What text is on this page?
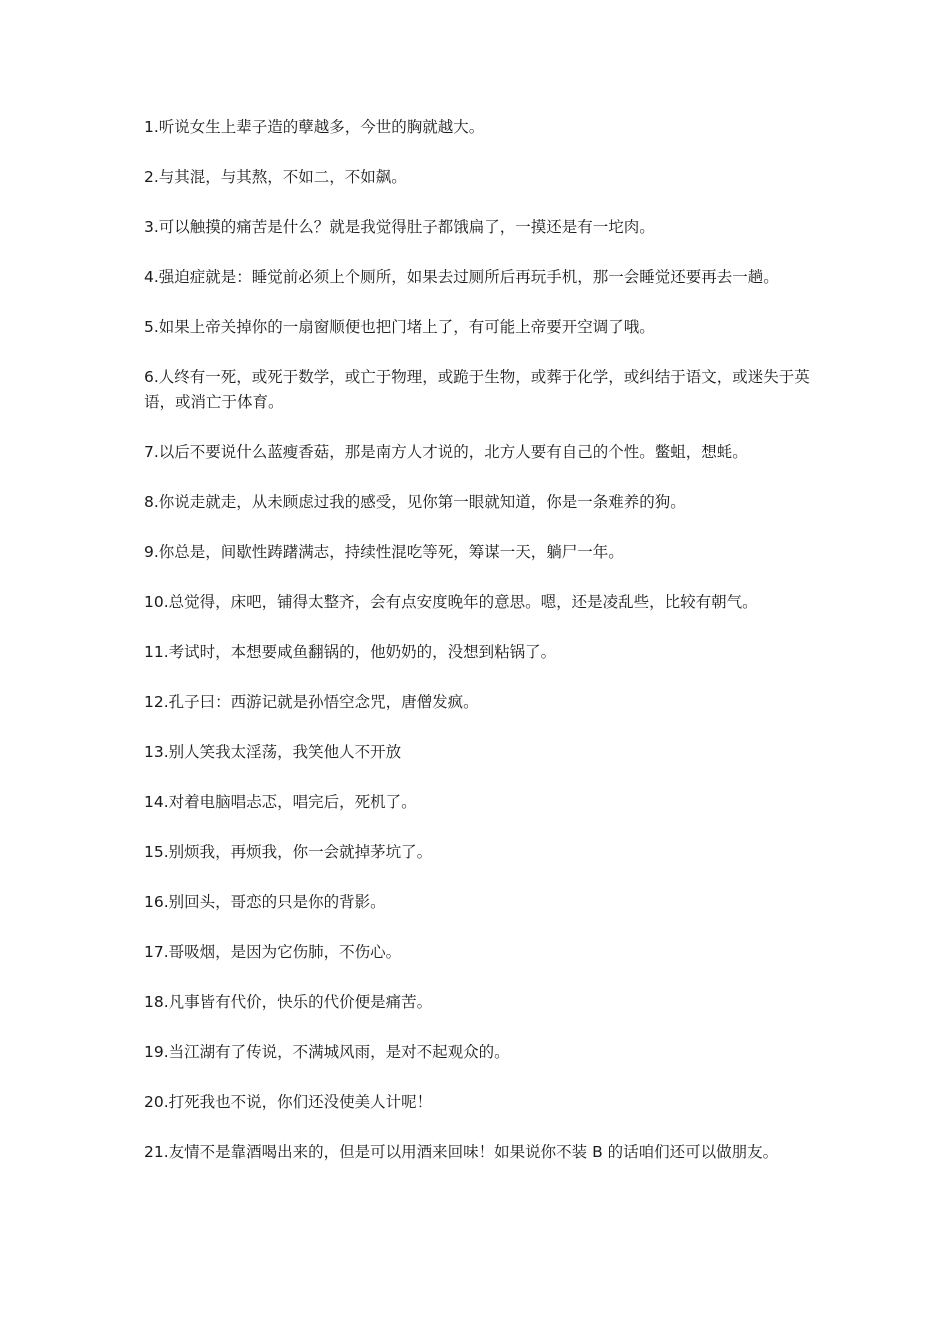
1.听说女生上辈子造的孽越多，今世的胸就越大。

2.与其混，与其熬，不如二，不如飙。

3.可以触摸的痛苦是什么？就是我觉得肚子都饿扁了，一摸还是有一坨肉。

4.强迫症就是：睡觉前必须上个厕所，如果去过厕所后再玩手机，那一会睡觉还要再去一趟。

5.如果上帝关掉你的一扇窗顺便也把门堵上了，有可能上帝要开空调了哦。

6.人终有一死，或死于数学，或亡于物理，或跪于生物，或葬于化学，或纠结于语文，或迷失于英语，或消亡于体育。

7.以后不要说什么蓝瘦香菇，那是南方人才说的，北方人要有自己的个性。鳖蛆，想蚝。

8.你说走就走，从未顾虑过我的感受，见你第一眼就知道，你是一条难养的狗。

9.你总是，间歇性踌躇满志，持续性混吃等死，筹谋一天，躺尸一年。

10.总觉得，床吧，铺得太整齐，会有点安度晚年的意思。嗯，还是凌乱些，比较有朝气。

11.考试时，本想要咸鱼翻锅的，他奶奶的，没想到粘锅了。

12.孔子曰：西游记就是孙悟空念咒，唐僧发疯。

13.别人笑我太淫荡，我笑他人不开放

14.对着电脑唱忐忑，唱完后，死机了。

15.别烦我，再烦我，你一会就掉茅坑了。

16.别回头，哥恋的只是你的背影。

17.哥吸烟，是因为它伤肺，不伤心。

18.凡事皆有代价，快乐的代价便是痛苦。

19.当江湖有了传说，不满城风雨，是对不起观众的。

20.打死我也不说，你们还没使美人计呢！

21.友情不是靠酒喝出来的，但是可以用酒来回味！如果说你不装 B 的话咱们还可以做朋友。
